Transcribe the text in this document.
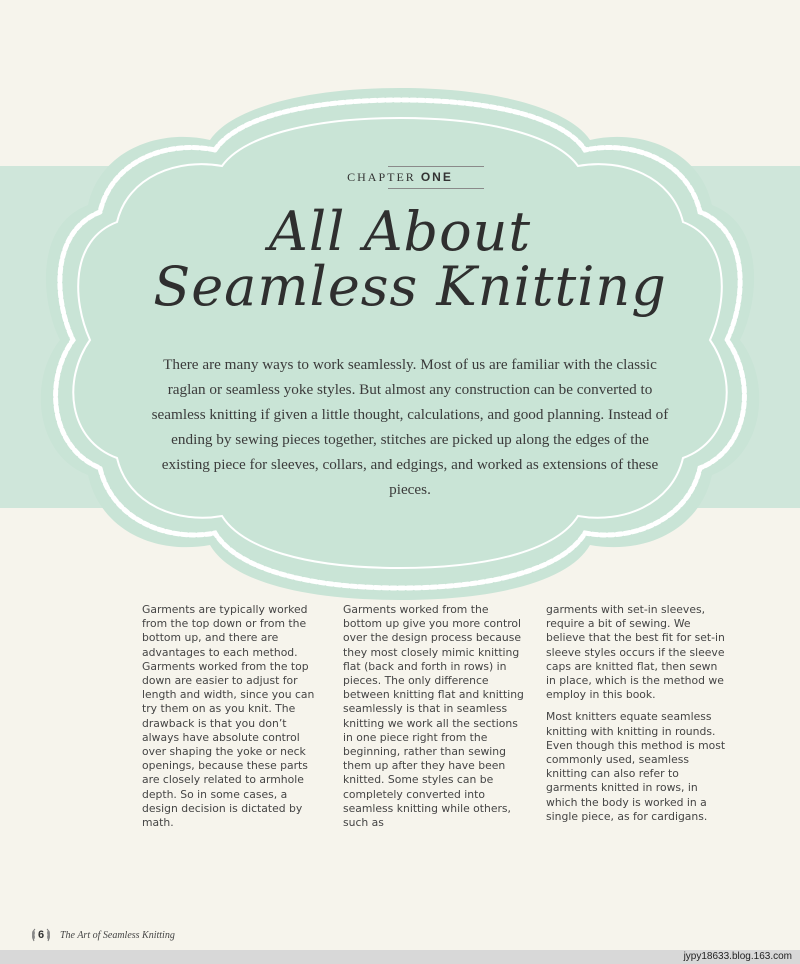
CHAPTER ONE
All About
Seamless Knitting
There are many ways to work seamlessly. Most of us are familiar with the classic raglan or seamless yoke styles. But almost any construction can be converted to seamless knitting if given a little thought, calculations, and good planning. Instead of ending by sewing pieces together, stitches are picked up along the edges of the existing piece for sleeves, collars, and edgings, and worked as extensions of these pieces.

Garments are typically worked from the top down or from the bottom up, and there are advantages to each method. Garments worked from the top down are easier to adjust for length and width, since you can try them on as you knit. The drawback is that you don’t always have absolute control over shaping the yoke or neck openings, because these parts are closely related to armhole depth. So in some cases, a design decision is dictated by math.

Garments worked from the bottom up give you more control over the design process because they most closely mimic knitting flat (back and forth in rows) in pieces. The only difference between knitting flat and knitting seamlessly is that in seamless knitting we work all the sections in one piece right from the beginning, rather than sewing them up after they have been knitted. Some styles can be completely converted into seamless knitting while others, such as

garments with set-in sleeves, require a bit of sewing. We believe that the best fit for set-in sleeve styles occurs if the sleeve caps are knitted flat, then sewn in place, which is the method we employ in this book.

Most knitters equate seamless knitting with knitting in rounds. Even though this method is most commonly used, seamless knitting can also refer to garments knitted in rows, in which the body is worked in a single piece, as for cardigans.

6 The Art of Seamless Knitting
jypy18633.blog.163.com
